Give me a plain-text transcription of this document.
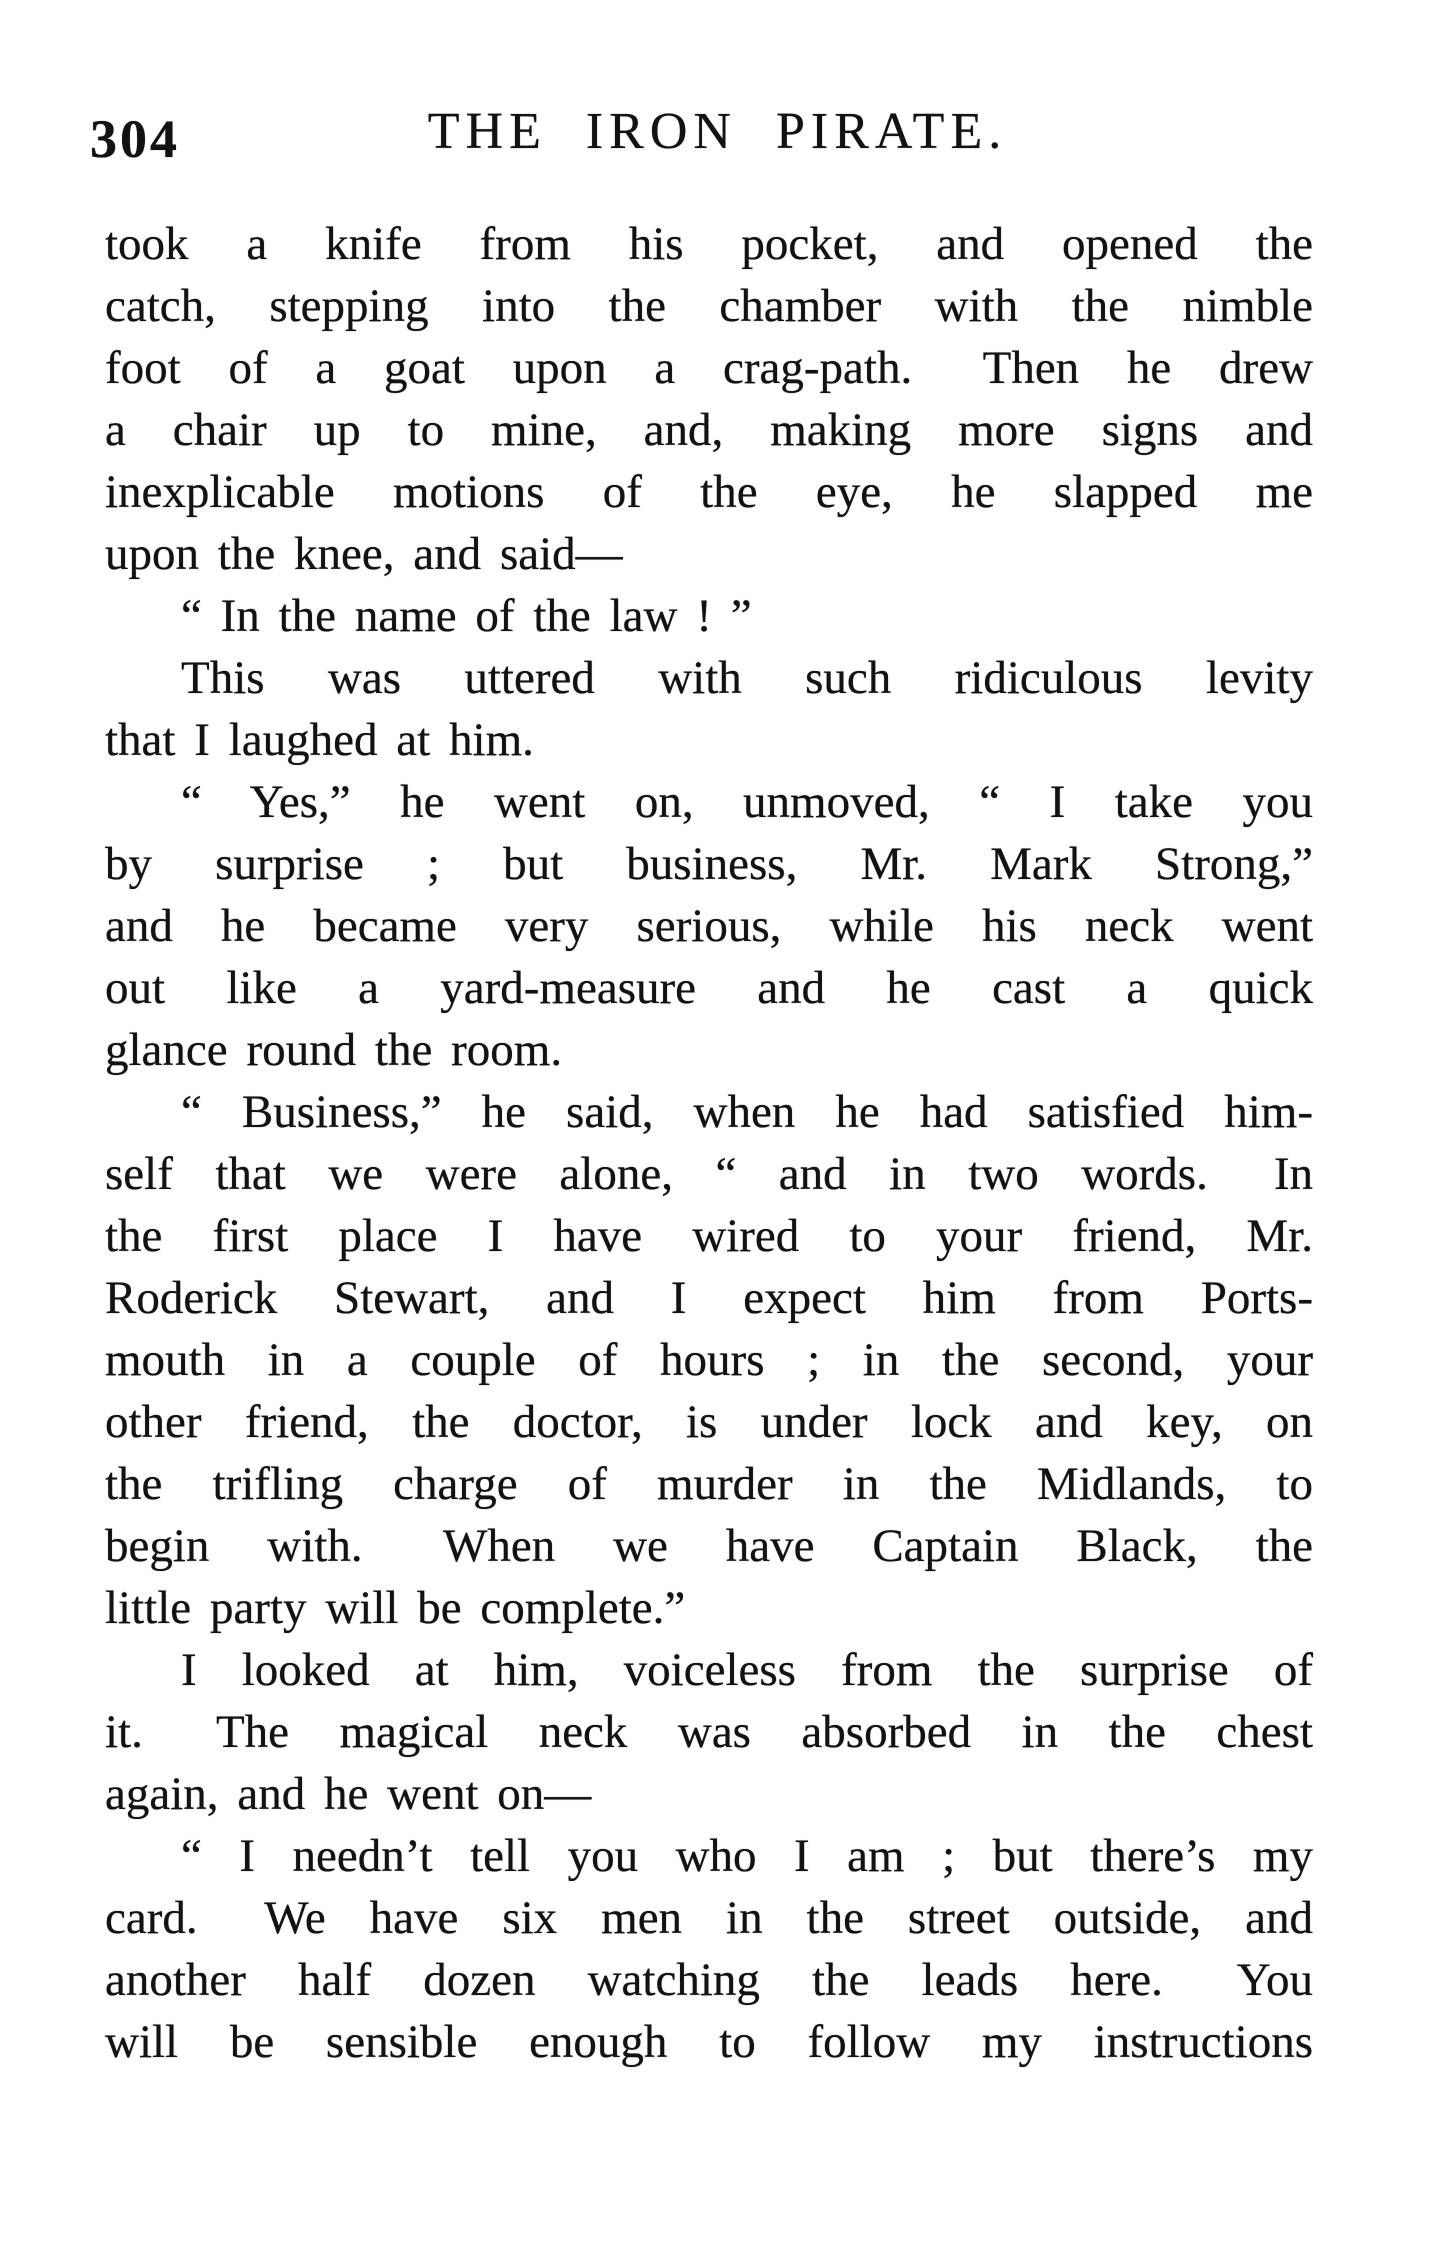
304	THE IRON PIRATE.
took a knife from his pocket, and opened the
catch, stepping into the chamber with the nimble
foot of a goat upon a crag-path.  Then he drew
a chair up to mine, and, making more signs and
inexplicable motions of the eye, he slapped me
upon the knee, and said—
“ In the name of the law ! ”
This was uttered with such ridiculous levity
that I laughed at him.
“ Yes,” he went on, unmoved, “ I take you
by surprise ; but business, Mr. Mark Strong,”
and he became very serious, while his neck went
out like a yard-measure and he cast a quick
glance round the room.
“ Business,” he said, when he had satisfied him-
self that we were alone, “ and in two words.  In
the first place I have wired to your friend, Mr.
Roderick Stewart, and I expect him from Ports-
mouth in a couple of hours ; in the second, your
other friend, the doctor, is under lock and key, on
the trifling charge of murder in the Midlands, to
begin with.  When we have Captain Black, the
little party will be complete.”
I looked at him, voiceless from the surprise of
it.  The magical neck was absorbed in the chest
again, and he went on—
“ I needn’t tell you who I am ; but there’s my
card.  We have six men in the street outside, and
another half dozen watching the leads here.  You
will be sensible enough to follow my instructions
